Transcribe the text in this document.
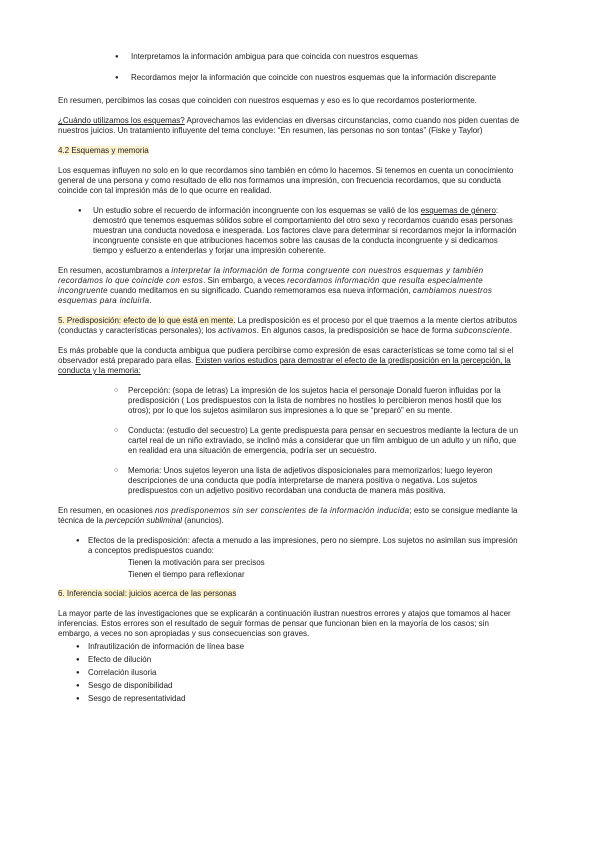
● Interpretamos la información ambigua para que coincida con nuestros esquemas
● Recordamos mejor la información que coincide con nuestros esquemas que la información discrepante

En resumen, percibimos las cosas que coinciden con nuestros esquemas y eso es lo que recordamos posteriormente.

¿Cuándo utilizamos los esquemas? Aprovechamos las evidencias en diversas circunstancias, como cuando nos piden cuentas de nuestros juicios. Un tratamiento influyente del tema concluye: “En resumen, las personas no son tontas” (Fiske y Taylor)

4.2 Esquemas y memoria

Los esquemas influyen no solo en lo que recordamos sino también en cómo lo hacemos. Si tenemos en cuenta un conocimiento general de una persona y como resultado de ello nos formamos una impresión, con frecuencia recordamos, que su conducta coincide con tal impresión más de lo que ocurre en realidad.

● Un estudio sobre el recuerdo de información incongruente con los esquemas se valió de los esquemas de género: demostró que tenemos esquemas sólidos sobre el comportamiento del otro sexo y recordamos cuando esas personas muestran una conducta novedosa e inesperada. Los factores clave para determinar si recordamos mejor la información incongruente consiste en que atribuciones hacemos sobre las causas de la conducta incongruente y si dedicamos tiempo y esfuerzo a entenderlas y forjar una impresión coherente.

En resumen, acostumbramos a interpretar la información de forma congruente con nuestros esquemas y también recordamos lo que coincide con estos. Sin embargo, a veces recordamos información que resulta especialmente incongruente cuando meditamos en su significado. Cuando rememoramos esa nueva información, cambiamos nuestros esquemas para incluirla.

5. Predisposición: efecto de lo que está en mente. La predisposición es el proceso por el que traemos a la mente ciertos atributos (conductas y características personales); los activamos. En algunos casos, la predisposición se hace de forma subconsciente.

Es más probable que la conducta ambigua que pudiera percibirse como expresión de esas características se tome como tal si el observador está preparado para ellas. Existen varios estudios para demostrar el efecto de la predisposición en la percepción, la conducta y la memoria:

○ Percepción: (sopa de letras) La impresión de los sujetos hacia el personaje Donald fueron influidas por la predisposición ( Los predispuestos con la lista de nombres no hostiles lo percibieron menos hostil que los otros); por lo que los sujetos asimilaron sus impresiones a lo que se “preparó” en su mente.
○ Conducta: (estudio del secuestro) La gente predispuesta para pensar en secuestros mediante la lectura de un cartel real de un niño extraviado, se inclinó más a considerar que un film ambiguo de un adulto y un niño, que en realidad era una situación de emergencia, podría ser un secuestro.
○ Memoria: Unos sujetos leyeron una lista de adjetivos disposicionales para memorizarlos; luego leyeron descripciones de una conducta que podía interpretarse de manera positiva o negativa. Los sujetos predispuestos con un adjetivo positivo recordaban una conducta de manera más positiva.

En resumen, en ocasiones nos predisponemos sin ser conscientes de la información inducida; esto se consigue mediante la técnica de la percepción subliminal (anuncios).

● Efectos de la predisposición: afecta a menudo a las impresiones, pero no siempre. Los sujetos no asimilan sus impresión a conceptos predispuestos cuando:
○ Tienen la motivación para ser precisos
○ Tienen el tiempo para reflexionar

6. Inferencia social: juicios acerca de las personas

La mayor parte de las investigaciones que se explicarán a continuación ilustran nuestros errores y atajos que tomamos al hacer inferencias. Estos errores son el resultado de seguir formas de pensar que funcionan bien en la mayoría de los casos; sin embargo, a veces no son apropiadas y sus consecuencias son graves.

● Infrautilización de información de línea base
● Efecto de dilución
● Correlación ilusoria
● Sesgo de disponibilidad
● Sesgo de representatividad
